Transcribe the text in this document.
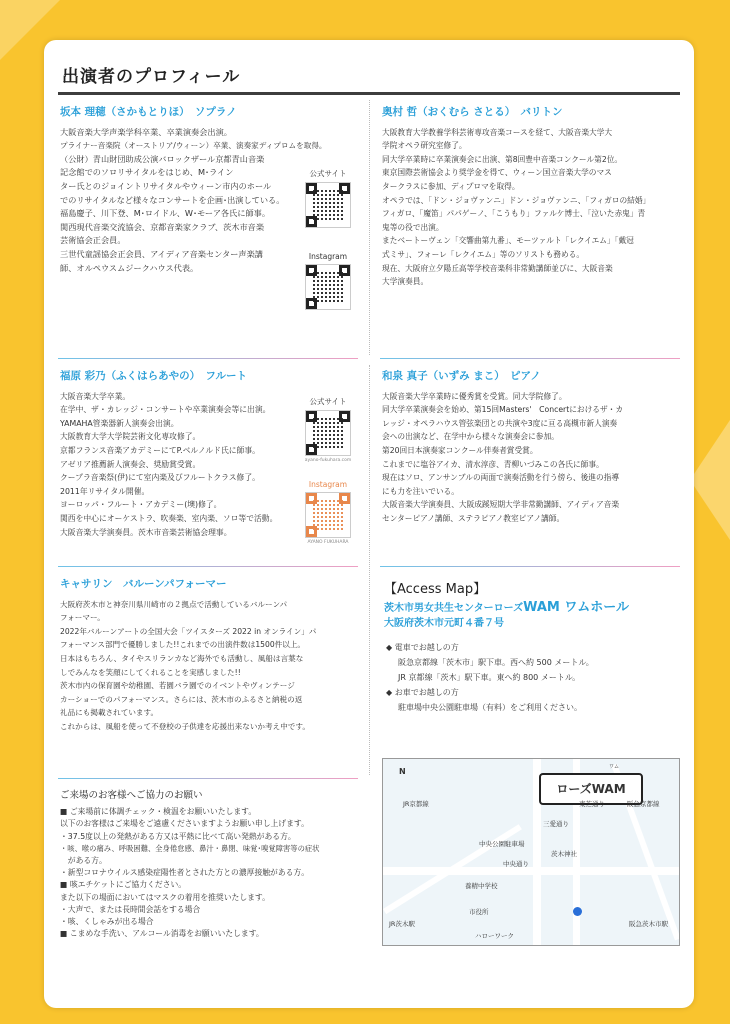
出演者のプロフィール
坂本 理穂（さかもとりほ）　ソプラノ

大阪音楽大学声楽学科卒業、卒業演奏会出演。

プライナー音楽院（オーストリア/ウィーン）卒業、演奏家ディプロムを取得。

（公財）青山財団助成公演バロックザール京都青山音楽

記念館でのソロリサイタルをはじめ、M･ライン

ター氏とのジョイントリサイタルやウィーン市内のホール

でのリサイタルなど様々なコンサートを企画･出演している。

福島慶子、川下登、M･ロイドル、W･モーア各氏に師事。

関西現代音楽交流協会、京都音楽家クラブ、茨木市音楽

芸術協会正会員。

三世代童謡協会正会員、アイディア音楽センター声楽講

師、オルペウスムジークハウス代表。

公式サイト
Instagram
奥村 哲（おくむら さとる）　バリトン

大阪教育大学教養学科芸術専攻音楽コースを経て、大阪音楽大学大

学院オペラ研究室修了。

同大学卒業時に卒業演奏会に出演、第8回豊中音楽コンクール第2位。

東京国際芸術協会より奨学金を得て、ウィーン国立音楽大学のマス

タークラスに参加、ディプロマを取得。

オペラでは、「ドン・ジョヴァンニ」ドン・ジョヴァンニ、「フィガロの結婚」

フィガロ、「魔笛」パパゲーノ、「こうもり」ファルケ博士、「泣いた赤鬼」青

鬼等の役で出演。

またベートーヴェン「交響曲第九番」、モーツァルト「レクイエム」「戴冠

式ミサ」、フォーレ「レクイエム」等のソリストも務める。

現在、大阪府立夕陽丘高等学校音楽科非常勤講師並びに、大阪音楽

大学演奏員。

福原 彩乃（ふくはらあやの）　フルート

大阪音楽大学卒業。

在学中、ザ・カレッジ・コンサートや卒業演奏会等に出演。

YAMAHA管楽器新人演奏会出演。

大阪教育大学大学院芸術文化専攻修了。

京都フランス音楽アカデミーにてP.ベルノルド氏に師事。

アゼリア推薦新人演奏会、奨励賞受賞。

クープラ音楽祭(伊)にて室内楽及びフルートクラス修了。

2011年リサイタル開催。

ヨーロッパ・フルート・アカデミー(墺)修了。

関西を中心にオーケストラ、吹奏楽、室内楽、ソロ等で活動。

大阪音楽大学演奏員。茨木市音楽芸術協会理事。

公式サイト
ayano-fukuhara.com
Instagram
AYANO FUKUHARA
和泉 真子（いずみ まこ）　ピアノ

大阪音楽大学卒業時に優秀賞を受賞。同大学院修了。

同大学卒業演奏会を始め、第15回Masters'　Concertにおけるザ・カ

レッジ・オペラハウス管弦楽団との共演や3度に亘る高槻市新人演奏

会への出演など、在学中から様々な演奏会に参加。

第20回日本演奏家コンクール伴奏者賞受賞。

これまでに塩谷アイカ、清水淳彦、青柳いづみこの各氏に師事。

現在はソロ、アンサンブルの両面で演奏活動を行う傍ら、後進の指導

にも力を注いでいる。

大阪音楽大学演奏員、大阪成蹊短期大学非常勤講師、アイディア音楽

センターピアノ講師、ステラピアノ教室ピアノ講師。

キャサリン　バルーンパフォーマー

大阪府茨木市と神奈川県川崎市の２拠点で活動しているバルーンパ

フォーマー。

2022年バルーンアートの全国大会「ツイスターズ 2022 in オンライン」パ

フォーマンス部門で優勝しました!!これまでの出演件数は1500件以上。

日本はもちろん、タイやスリランカなど海外でも活動し、風船は言葉な

しでみんなを笑顔にしてくれることを実感しました!!

茨木市内の保育園や幼稚園、若園バラ園でのイベントやヴィンテージ

カーショーでのパフォーマンス。さらには、茨木市のふるさと納税の返

礼品にも掲載されています。

これからは、風船を使って不登校の子供達を応援出来ないか考え中です。

ご来場のお客様へご協力のお願い

■ ご来場前に体調チェック・検温をお願いいたします。

以下のお客様はご来場をご遠慮くださいますようお願い申し上げます。

・37.5度以上の発熱がある方又は平熱に比べて高い発熱がある方。

・咳、喉の痛み、呼吸困難、全身倦怠感、鼻汁・鼻閉、味覚･嗅覚障害等の症状

　がある方。

・新型コロナウイルス感染症陽性者とされた方との濃厚接触がある方。

■ 咳エチケットにご協力ください。

また以下の場面においてはマスクの着用を推奨いたします。

・大声で、または長時間会話をする場合

・咳、くしゃみが出る場合

■ こまめな手洗い、アルコール消毒をお願いいたします。

【Access Map】
茨木市男女共生センターローズWAM ワムホール
大阪府茨木市元町４番７号
◆ 電車でお越しの方
阪急京都線「茨木市」駅下車。西へ約 500 メートル。
JR 京都線「茨木」駅下車。東へ約 800 メートル。
◆ お車でお越しの方
駐車場中央公園駐車場（有料）をご利用ください。
N
ローズWAM
ワム
茨木神社
中央公園駐車場
養精中学校
市役所
ハローワーク
JR茨木駅	阪急茨木市駅
阪急京都線
JR京都線	東芝通り
中央通り
三愛通り
